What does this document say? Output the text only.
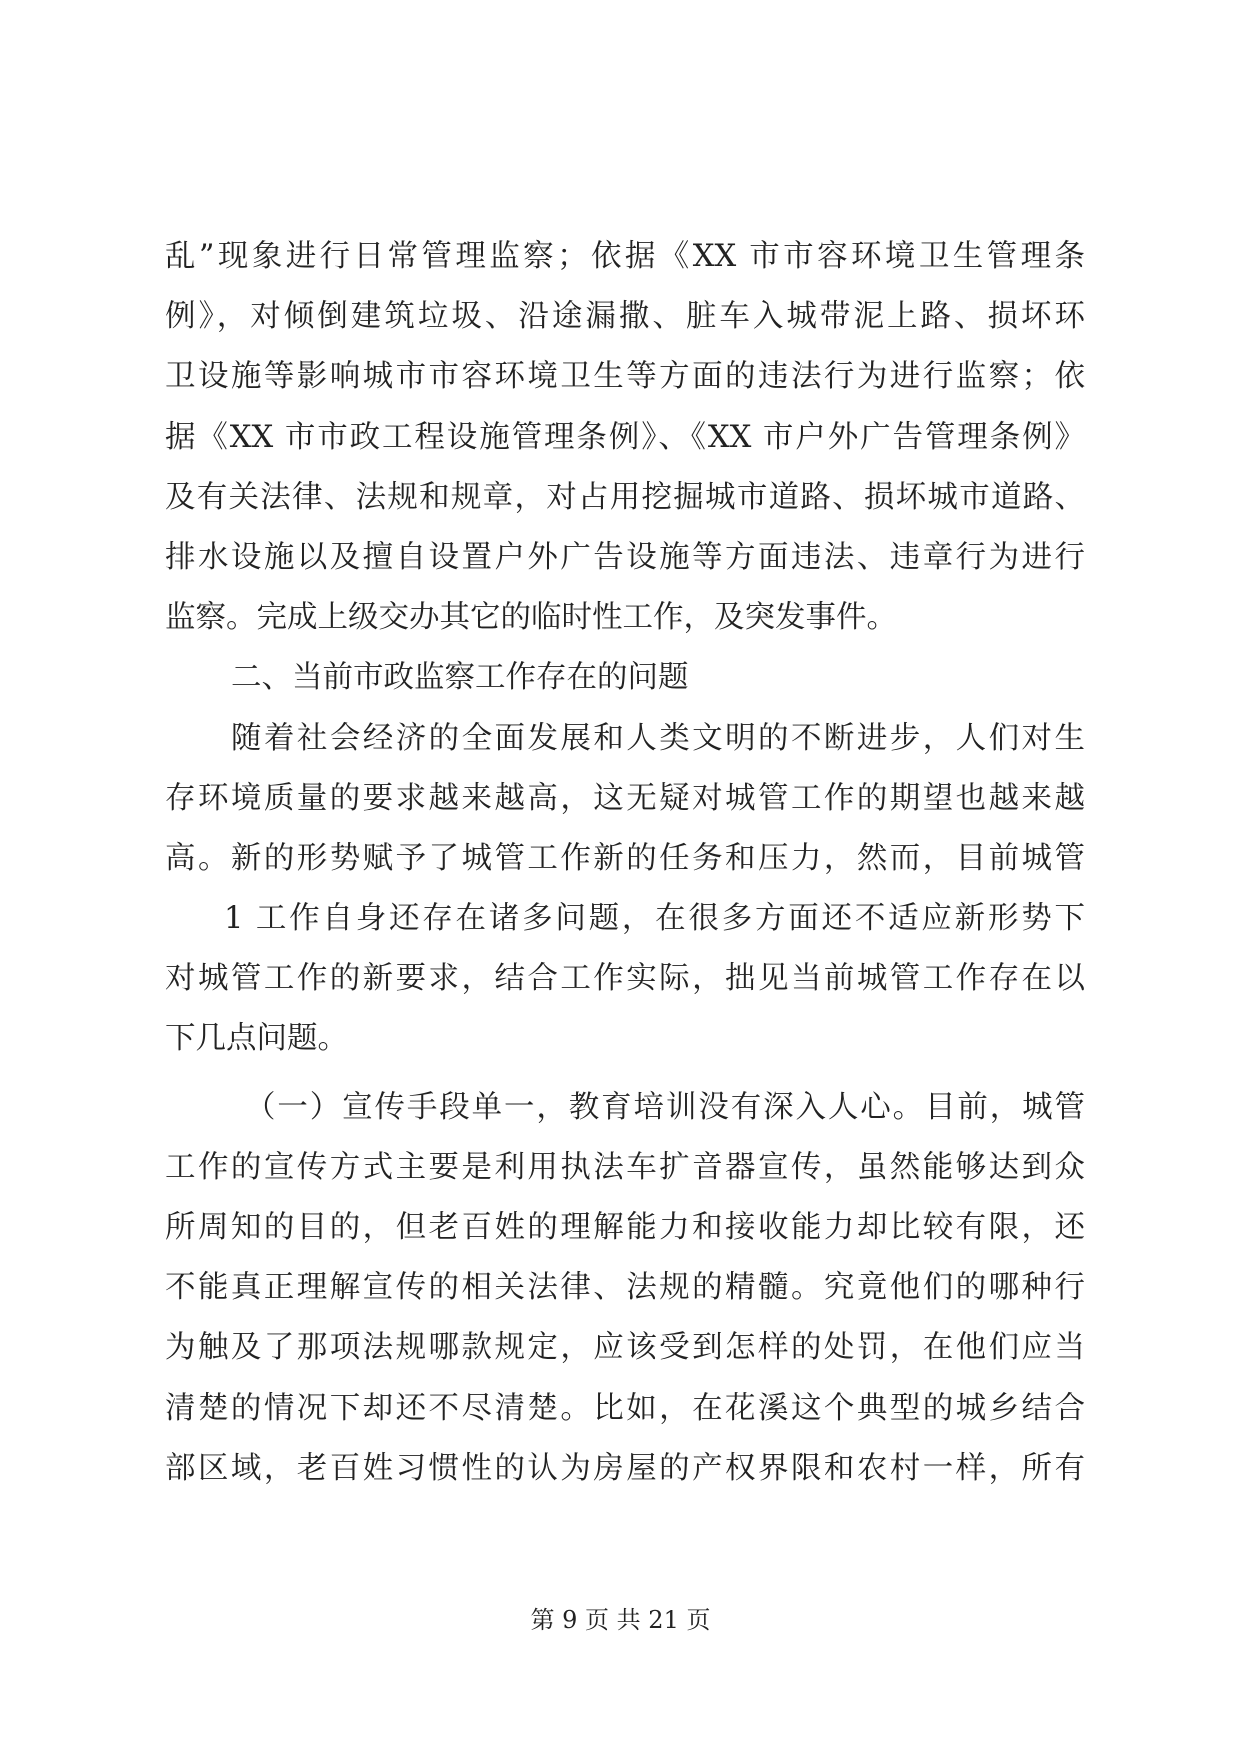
乱”现象进行日常管理监察；依据《XX 市市容环境卫生管理条
例》，对倾倒建筑垃圾、沿途漏撒、脏车入城带泥上路、损坏环
卫设施等影响城市市容环境卫生等方面的违法行为进行监察；依
据《XX 市市政工程设施管理条例》、《XX 市户外广告管理条例》
及有关法律、法规和规章，对占用挖掘城市道路、损坏城市道路、
排水设施以及擅自设置户外广告设施等方面违法、违章行为进行
监察。完成上级交办其它的临时性工作，及突发事件。
二、当前市政监察工作存在的问题
随着社会经济的全面发展和人类文明的不断进步，人们对生
存环境质量的要求越来越高，这无疑对城管工作的期望也越来越
高。新的形势赋予了城管工作新的任务和压力，然而，目前城管
1 工作自身还存在诸多问题，在很多方面还不适应新形势下
对城管工作的新要求，结合工作实际，拙见当前城管工作存在以
下几点问题。
（一）宣传手段单一，教育培训没有深入人心。目前，城管
工作的宣传方式主要是利用执法车扩音器宣传，虽然能够达到众
所周知的目的，但老百姓的理解能力和接收能力却比较有限，还
不能真正理解宣传的相关法律、法规的精髓。究竟他们的哪种行
为触及了那项法规哪款规定，应该受到怎样的处罚，在他们应当
清楚的情况下却还不尽清楚。比如，在花溪这个典型的城乡结合
部区域，老百姓习惯性的认为房屋的产权界限和农村一样，所有
第 9 页 共 21 页
